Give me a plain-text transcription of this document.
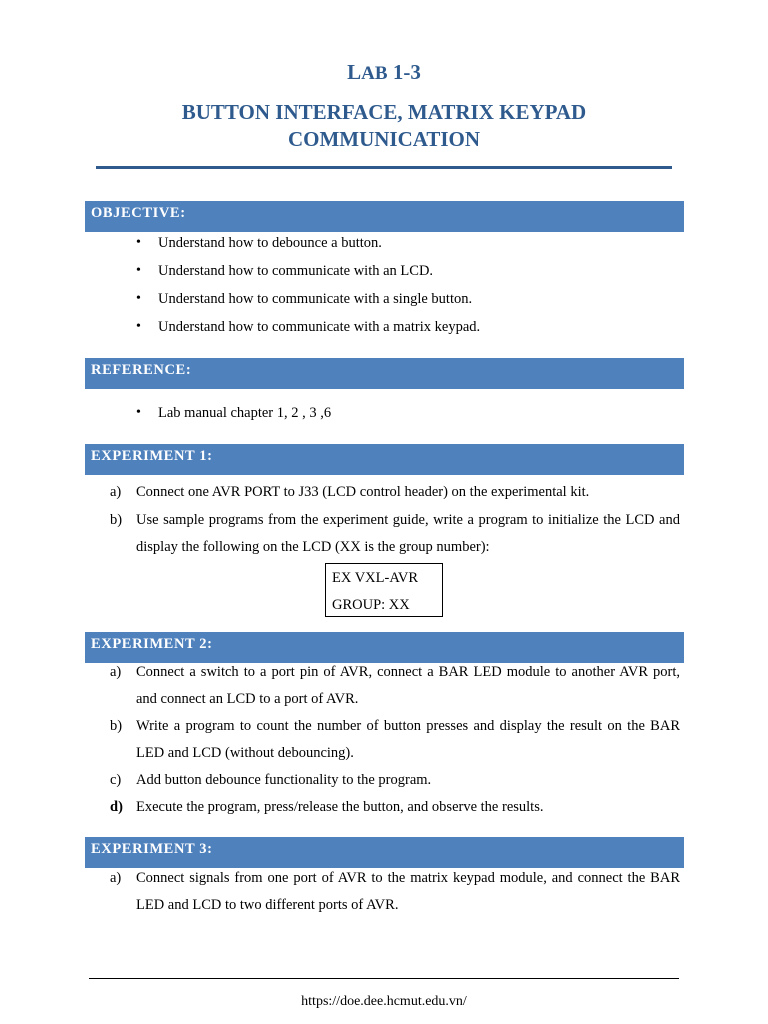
LAB 1-3
BUTTON INTERFACE, MATRIX KEYPAD
COMMUNICATION
OBJECTIVE:
• Understand how to debounce a button.
• Understand how to communicate with an LCD.
• Understand how to communicate with a single button.
• Understand how to communicate with a matrix keypad.
REFERENCE:
• Lab manual chapter 1, 2 , 3 ,6
EXPERIMENT 1:
a)	Connect one AVR PORT to J33 (LCD control header) on the experimental kit.
b) Use sample programs from the experiment guide, write a program to initialize the LCD and display the following on the LCD (XX is the group number):
EX VXL-AVR
GROUP: XX
EXPERIMENT 2:
a)	Connect a switch to a port pin of AVR, connect a BAR LED module to another AVR port, and connect an LCD to a port of AVR.
b) Write a program to count the number of button presses and display the result on the BAR LED and LCD (without debouncing).
c)	Add button debounce functionality to the program.
d) Execute the program, press/release the button, and observe the results.
EXPERIMENT 3:
a)	Connect signals from one port of AVR to the matrix keypad module, and connect the BAR LED and LCD to two different ports of AVR.
https://doe.dee.hcmut.edu.vn/
